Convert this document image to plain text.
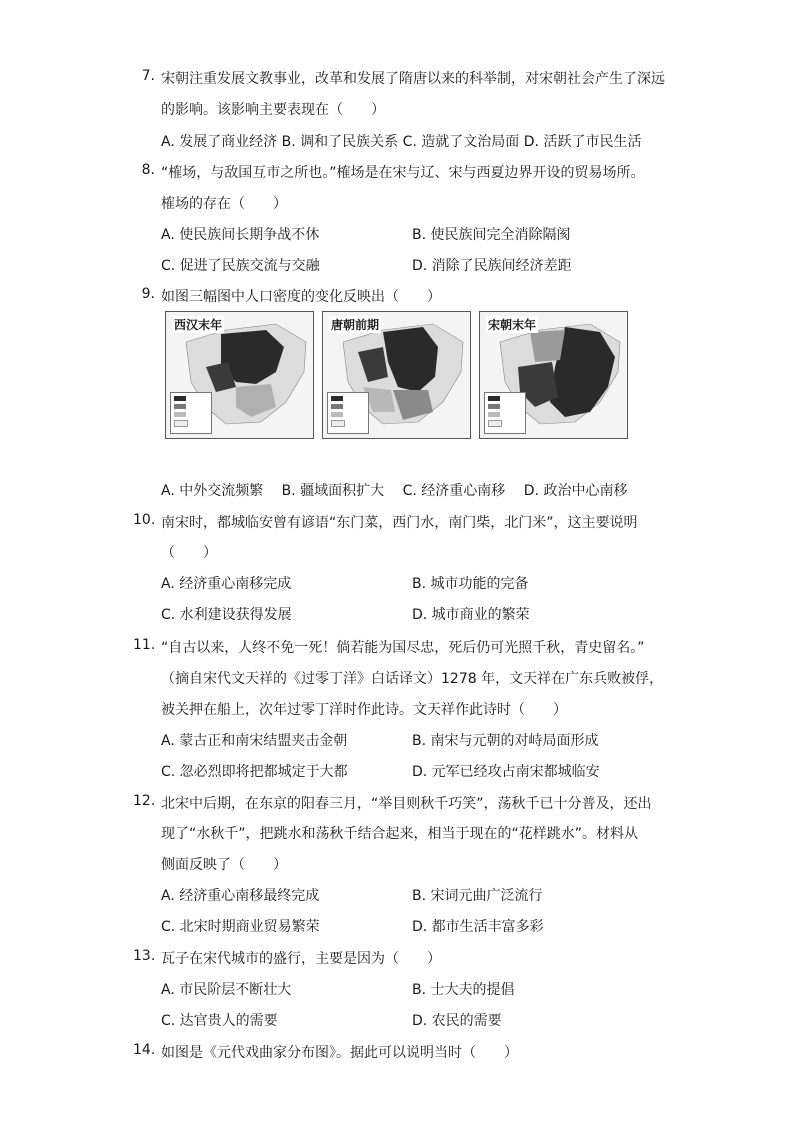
7. 宋朝注重发展文教事业，改革和发展了隋唐以来的科举制，对宋朝社会产生了深远
的影响。该影响主要表现在（　　）
A. 发展了商业经济 B. 调和了民族关系 C. 造就了文治局面 D. 活跃了市民生活
8. “榷场，与敌国互市之所也。”榷场是在宋与辽、宋与西夏边界开设的贸易场所。
榷场的存在（　　）
A. 使民族间长期争战不休	B. 使民族间完全消除隔阂
C. 促进了民族交流与交融	D. 消除了民族间经济差距
9. 如图三幅图中人口密度的变化反映出（　　）
西汉末年	唐朝前期	宋朝末年
A. 中外交流频繁　 B. 疆域面积扩大　 C. 经济重心南移　 D. 政治中心南移
10. 南宋时，都城临安曾有谚语“东门菜，西门水，南门柴，北门米”，这主要说明
（　　）
A. 经济重心南移完成	B. 城市功能的完备
C. 水利建设获得发展	D. 城市商业的繁荣
11. “自古以来，人终不免一死！倘若能为国尽忠，死后仍可光照千秋，青史留名。”
（摘自宋代文天祥的《过零丁洋》白话译文）1278 年，文天祥在广东兵败被俘，
被关押在船上，次年过零丁洋时作此诗。文天祥作此诗时（　　）
A. 蒙古正和南宋结盟夹击金朝	B. 南宋与元朝的对峙局面形成
C. 忽必烈即将把都城定于大都	D. 元军已经攻占南宋都城临安
12. 北宋中后期，在东京的阳春三月，“举目则秋千巧笑”，荡秋千已十分普及，还出
现了“水秋千”，把跳水和荡秋千结合起来，相当于现在的“花样跳水”。材料从
侧面反映了（　　）
A. 经济重心南移最终完成	B. 宋词元曲广泛流行
C. 北宋时期商业贸易繁荣	D. 都市生活丰富多彩
13. 瓦子在宋代城市的盛行，主要是因为（　　）
A. 市民阶层不断壮大	B. 士大夫的提倡
C. 达官贵人的需要	D. 农民的需要
14. 如图是《元代戏曲家分布图》。据此可以说明当时（　　）
